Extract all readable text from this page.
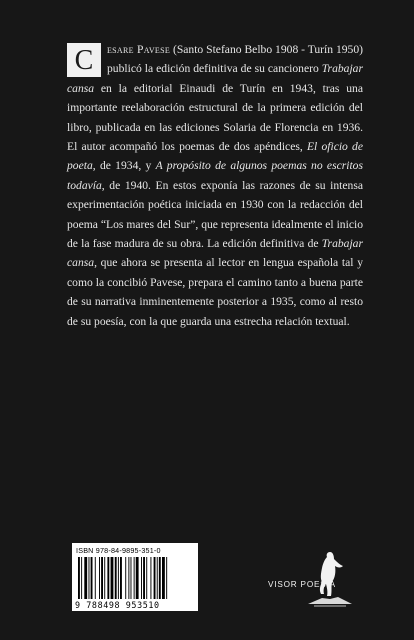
C	esare Pavese (Santo Stefano Belbo 1908 - Turín 1950) publicó la edición definitiva de su cancionero Trabajar cansa en la editorial Einaudi de Turín en 1943, tras una importante reelaboración estructural de la primera edición del libro, publicada en las ediciones Solaria de Florencia en 1936. El autor acompañó los poemas de dos apéndices, El oficio de poeta, de 1934, y A propósito de algunos poemas no escritos todavía, de 1940. En estos exponía las razones de su intensa experimentación poética iniciada en 1930 con la redacción del poema “Los mares del Sur”, que representa idealmente el inicio de la fase madura de su obra. La edición definitiva de Trabajar cansa, que ahora se presenta al lector en lengua española tal y como la concibió Pavese, prepara el camino tanto a buena parte de su narrativa inminentemente posterior a 1935, como al resto de su poesía, con la que guarda una estrecha relación textual.
ISBN 978-84-9895-351-0
9 788498 953510
VISOR POESÍA
